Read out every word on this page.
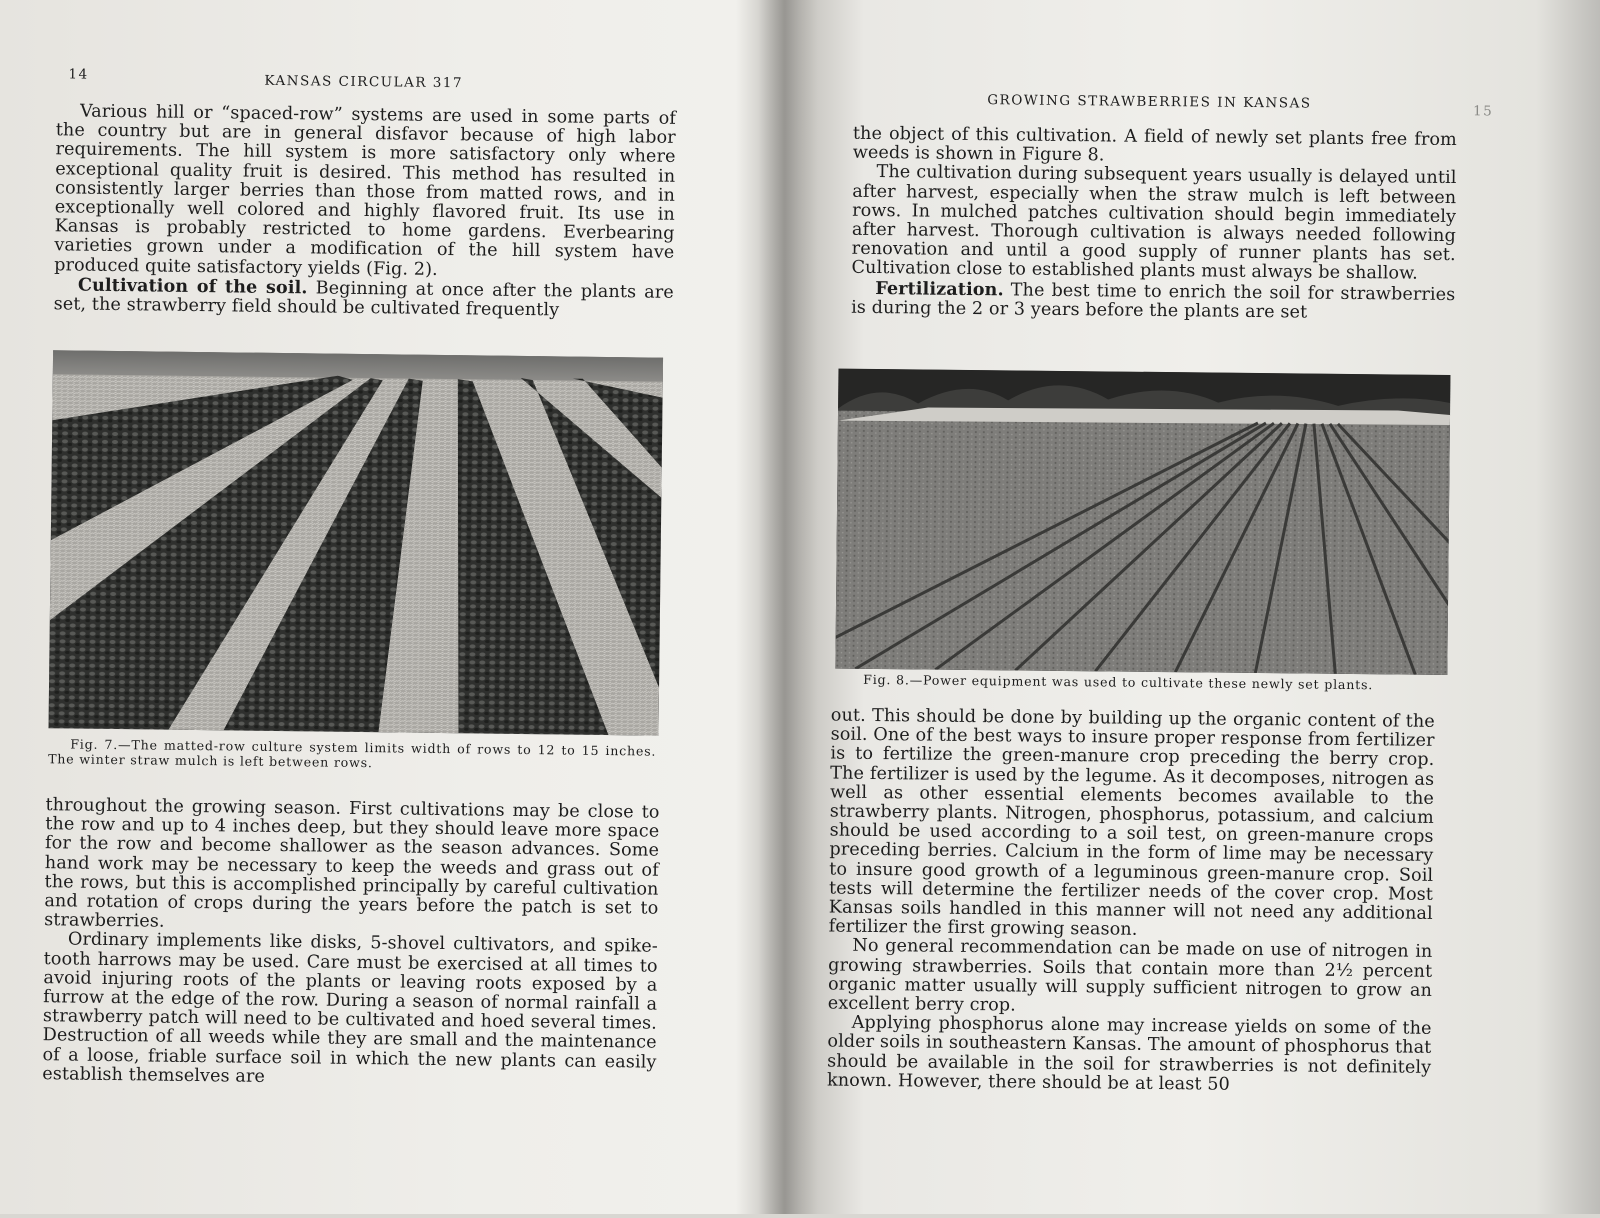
14	KANSAS CIRCULAR 317

Various hill or “spaced-row” systems are used in some parts of the country but are in general disfavor because of high labor requirements. The hill system is more satisfactory only where exceptional quality fruit is desired. This method has resulted in consistently larger berries than those from matted rows, and in exceptionally well colored and highly flavored fruit. Its use in Kansas is probably restricted to home gardens. Everbearing varieties grown under a modification of the hill system have produced quite satisfactory yields (Fig. 2).

Cultivation of the soil. Beginning at once after the plants are set, the strawberry field should be cultivated frequently

Fig. 7.—The matted-row culture system limits width of rows to 12 to 15 inches. The winter straw mulch is left between rows.

throughout the growing season. First cultivations may be close to the row and up to 4 inches deep, but they should leave more space for the row and become shallower as the season advances. Some hand work may be necessary to keep the weeds and grass out of the rows, but this is accomplished principally by careful cultivation and rotation of crops during the years before the patch is set to strawberries.

Ordinary implements like disks, 5-shovel cultivators, and spike-tooth harrows may be used. Care must be exercised at all times to avoid injuring roots of the plants or leaving roots exposed by a furrow at the edge of the row. During a season of normal rainfall a strawberry patch will need to be cultivated and hoed several times. Destruction of all weeds while they are small and the maintenance of a loose, friable surface soil in which the new plants can easily establish themselves are

GROWING STRAWBERRIES IN KANSAS	15

the object of this cultivation. A field of newly set plants free from weeds is shown in Figure 8.

The cultivation during subsequent years usually is delayed until after harvest, especially when the straw mulch is left between rows. In mulched patches cultivation should begin immediately after harvest. Thorough cultivation is always needed following renovation and until a good supply of runner plants has set. Cultivation close to established plants must always be shallow.

Fertilization. The best time to enrich the soil for strawberries is during the 2 or 3 years before the plants are set

Fig. 8.—Power equipment was used to cultivate these newly set plants.

out. This should be done by building up the organic content of the soil. One of the best ways to insure proper response from fertilizer is to fertilize the green-manure crop preceding the berry crop. The fertilizer is used by the legume. As it decomposes, nitrogen as well as other essential elements becomes available to the strawberry plants. Nitrogen, phosphorus, potassium, and calcium should be used according to a soil test, on green-manure crops preceding berries. Calcium in the form of lime may be necessary to insure good growth of a leguminous green-manure crop. Soil tests will determine the fertilizer needs of the cover crop. Most Kansas soils handled in this manner will not need any additional fertilizer the first growing season.

No general recommendation can be made on use of nitrogen in growing strawberries. Soils that contain more than 2½ percent organic matter usually will supply sufficient nitrogen to grow an excellent berry crop.

Applying phosphorus alone may increase yields on some of the older soils in southeastern Kansas. The amount of phosphorus that should be available in the soil for strawberries is not definitely known. However, there should be at least 50
